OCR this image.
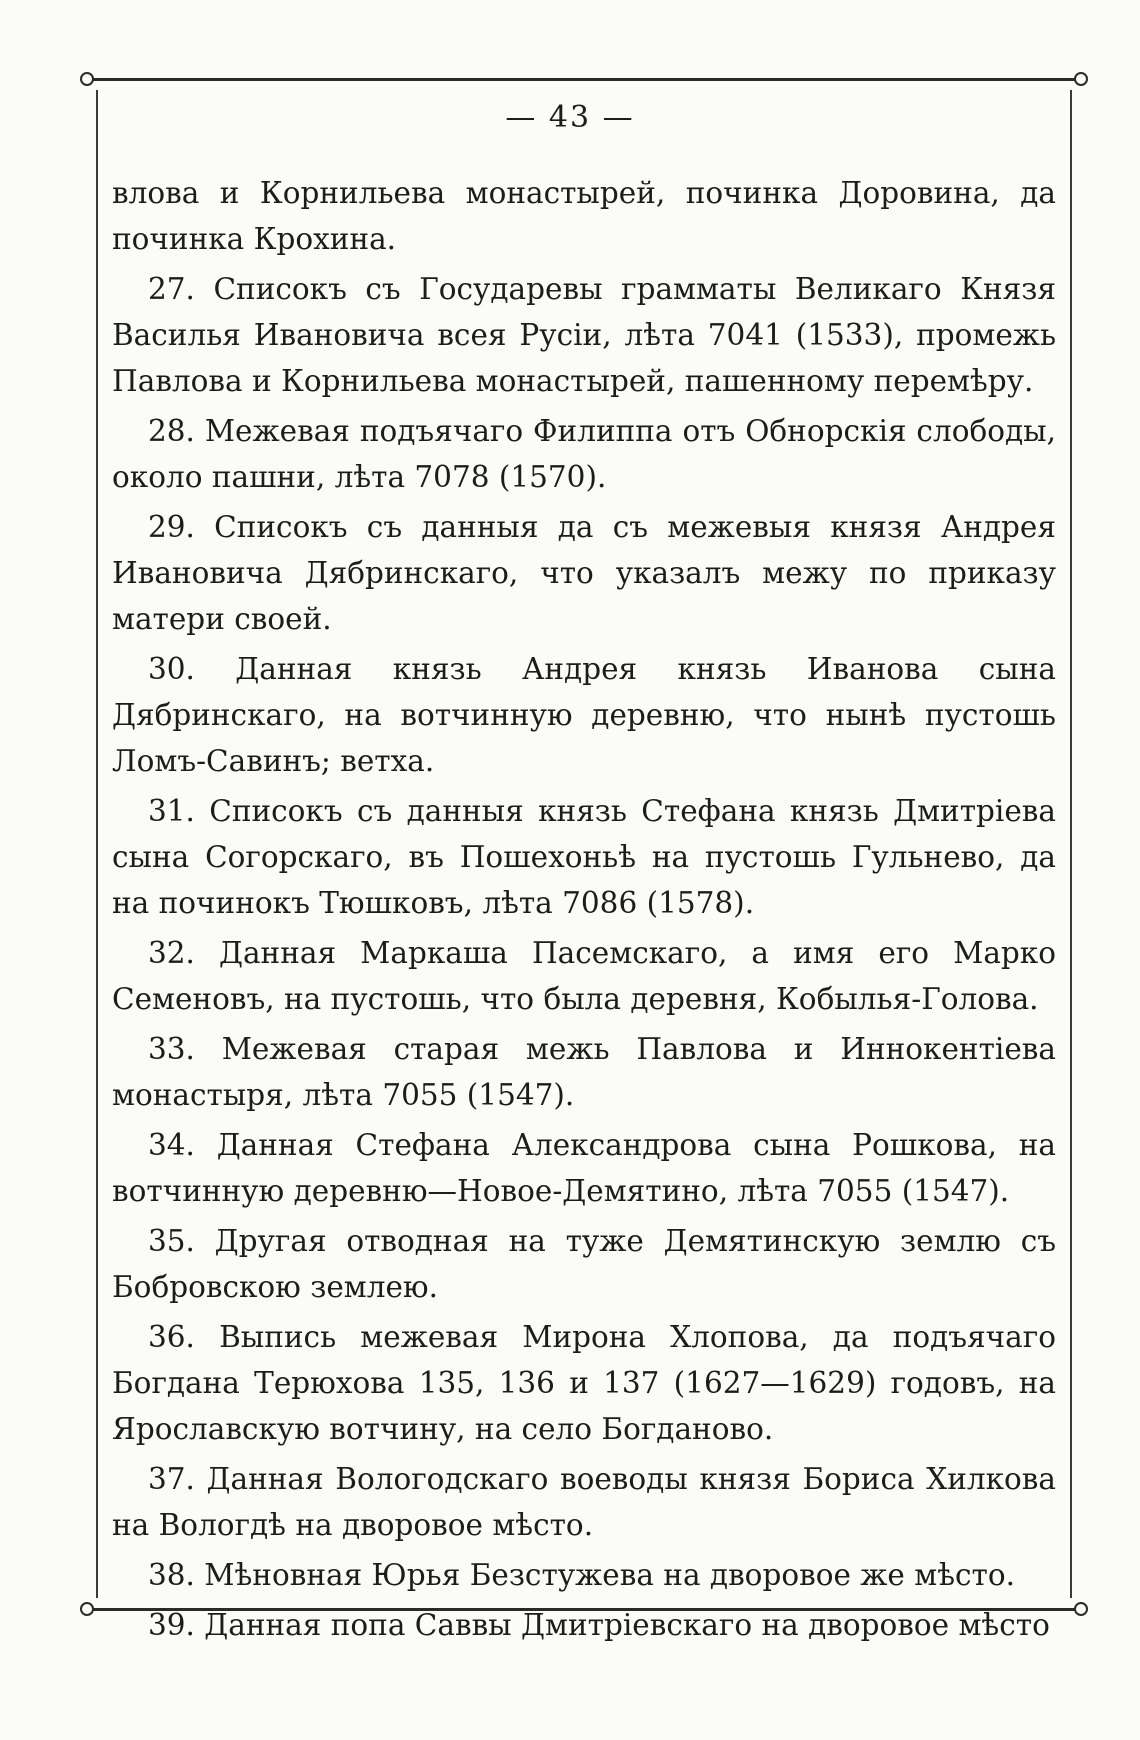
— 43 —

влова и Корнильева монастырей, починка Доровина, да починка Крохина.

27. Списокъ съ Государевы грамматы Великаго Князя Василья Ивановича всея Русіи, лѣта 7041 (1533), промежь Павлова и Корнильева монастырей, пашенному перемѣру.

28. Межевая подъячаго Филиппа отъ Обнорскія слободы, около пашни, лѣта 7078 (1570).

29. Списокъ съ данныя да съ межевыя князя Андрея Ивановича Дябринскаго, что указалъ межу по приказу матери своей.

30. Данная князь Андрея князь Иванова сына Дябринскаго, на вотчинную деревню, что нынѣ пустошь Ломъ-Савинъ; ветха.

31. Списокъ съ данныя князь Стефана князь Дмитріева сына Согорскаго, въ Пошехоньѣ на пустошь Гульнево, да на починокъ Тюшковъ, лѣта 7086 (1578).

32. Данная Маркаша Пасемскаго, а имя его Марко Семеновъ, на пустошь, что была деревня, Кобылья-Голова.

33. Межевая старая межь Павлова и Иннокентіева монастыря, лѣта 7055 (1547).

34. Данная Стефана Александрова сына Рошкова, на вотчинную деревню—Новое-Демятино, лѣта 7055 (1547).

35. Другая отводная на тужe Демятинскую землю съ Бобровскою землею.

36. Выпись межевая Мирона Хлопова, да подъячаго Богдана Терюхова 135, 136 и 137 (1627—1629) годовъ, на Ярославскую вотчину, на село Богданово.

37. Данная Вологодскаго воеводы князя Бориса Хилкова на Вологдѣ на дворовое мѣсто.

38. Мѣновная Юрья Безстужева на дворовое же мѣсто.

39. Данная попа Саввы Дмитріевскаго на дворовое мѣсто
